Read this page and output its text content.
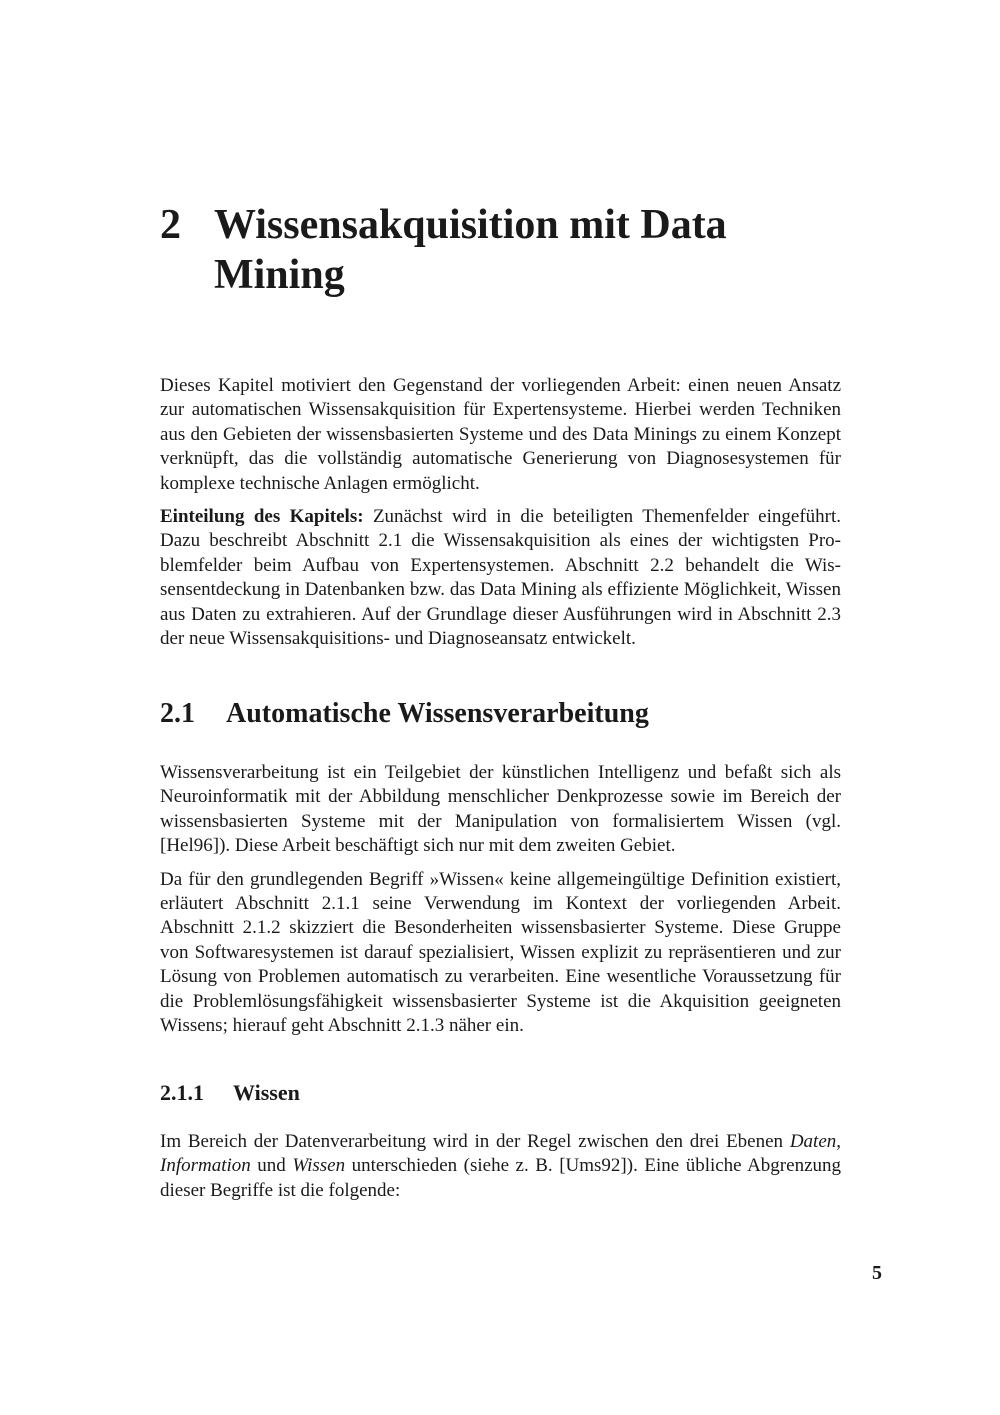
2 Wissensakquisition mit Data Mining

Dieses Kapitel motiviert den Gegenstand der vorliegenden Arbeit: einen neuen Ansatz zur automatischen Wissensakquisition für Expertensysteme. Hierbei werden Techniken aus den Gebieten der wissensbasierten Systeme und des Data Minings zu einem Konzept verknüpft, das die vollständig automatische Generierung von Diagnosesystemen für komplexe technische Anlagen ermöglicht.

Einteilung des Kapitels: Zunächst wird in die beteiligten Themenfelder eingeführt. Dazu beschreibt Abschnitt 2.1 die Wissensakquisition als eines der wichtigsten Problemfelder beim Aufbau von Expertensystemen. Abschnitt 2.2 behandelt die Wissensentdeckung in Datenbanken bzw. das Data Mining als effiziente Möglichkeit, Wissen aus Daten zu extrahieren. Auf der Grundlage dieser Ausführungen wird in Abschnitt 2.3 der neue Wissensakquisitions- und Diagnoseansatz entwickelt.

2.1 Automatische Wissensverarbeitung

Wissensverarbeitung ist ein Teilgebiet der künstlichen Intelligenz und befaßt sich als Neuroinformatik mit der Abbildung menschlicher Denkprozesse sowie im Bereich der wissensbasierten Systeme mit der Manipulation von formalisiertem Wissen (vgl. [Hel96]). Diese Arbeit beschäftigt sich nur mit dem zweiten Gebiet.

Da für den grundlegenden Begriff »Wissen« keine allgemeingültige Definition existiert, erläutert Abschnitt 2.1.1 seine Verwendung im Kontext der vorliegenden Arbeit. Abschnitt 2.1.2 skizziert die Besonderheiten wissensbasierter Systeme. Diese Gruppe von Softwaresystemen ist darauf spezialisiert, Wissen explizit zu repräsentieren und zur Lösung von Problemen automatisch zu verarbeiten. Eine wesentliche Voraussetzung für die Problemlösungsfähigkeit wissensbasierter Systeme ist die Akquisition geeigneten Wissens; hierauf geht Abschnitt 2.1.3 näher ein.

2.1.1 Wissen

Im Bereich der Datenverarbeitung wird in der Regel zwischen den drei Ebenen Daten, Information und Wissen unterschieden (siehe z. B. [Ums92]). Eine übliche Abgrenzung dieser Begriffe ist die folgende:

5
